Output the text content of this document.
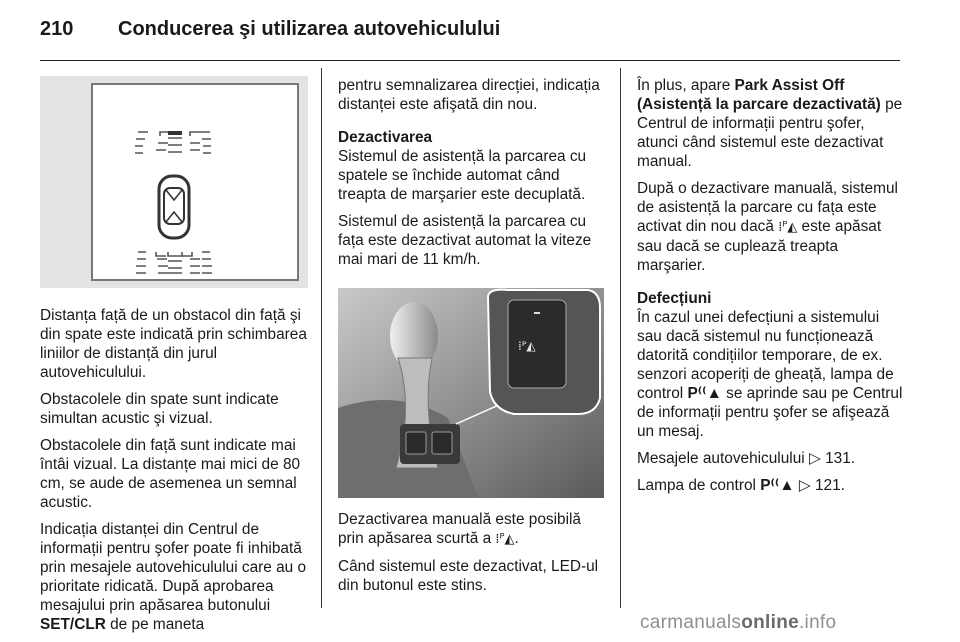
210 Conducerea şi utilizarea autovehiculului

Distanța față de un obstacol din față şi din spate este indicată prin schimbarea liniilor de distanță din jurul autovehiculului.

Obstacolele din spate sunt indicate simultan acustic şi vizual.

Obstacolele din față sunt indicate mai întâi vizual. La distanțe mai mici de 80 cm, se aude de asemenea un semnal acustic.

Indicația distanței din Centrul de informații pentru şofer poate fi inhibată prin mesajele autovehiculului care au o prioritate ridicată. După aprobarea mesajului prin apăsarea butonului SET/CLR de pe maneta

pentru semnalizarea direcției, indicația distanței este afişată din nou.

Dezactivarea

Sistemul de asistență la parcarea cu spatele se închide automat când treapta de marşarier este decuplată.

Sistemul de asistență la parcarea cu fața este dezactivat automat la viteze mai mari de 11 km/h.

⁞ᴾ◭

Dezactivarea manuală este posibilă prin apăsarea scurtă a ⁞ᴾ◭.

Când sistemul este dezactivat, LED-ul din butonul este stins.

În plus, apare Park Assist Off (Asistență la parcare dezactivată) pe Centrul de informații pentru şofer, atunci când sistemul este dezactivat manual.

După o dezactivare manuală, sistemul de asistență la parcare cu fața este activat din nou dacă ⁞ᴾ◭ este apăsat sau dacă se cuplează treapta marşarier.

Defecțiuni

În cazul unei defecțiuni a sistemului sau dacă sistemul nu funcționează datorită condițiilor temporare, de ex. senzori acoperiți de gheață, lampa de control P⁽⁽▲ se aprinde sau pe Centrul de informații pentru şofer se afişează un mesaj.

Mesajele autovehiculului ▷ 131.

Lampa de control P⁽⁽▲ ▷ 121.

carmanualsonline.info
